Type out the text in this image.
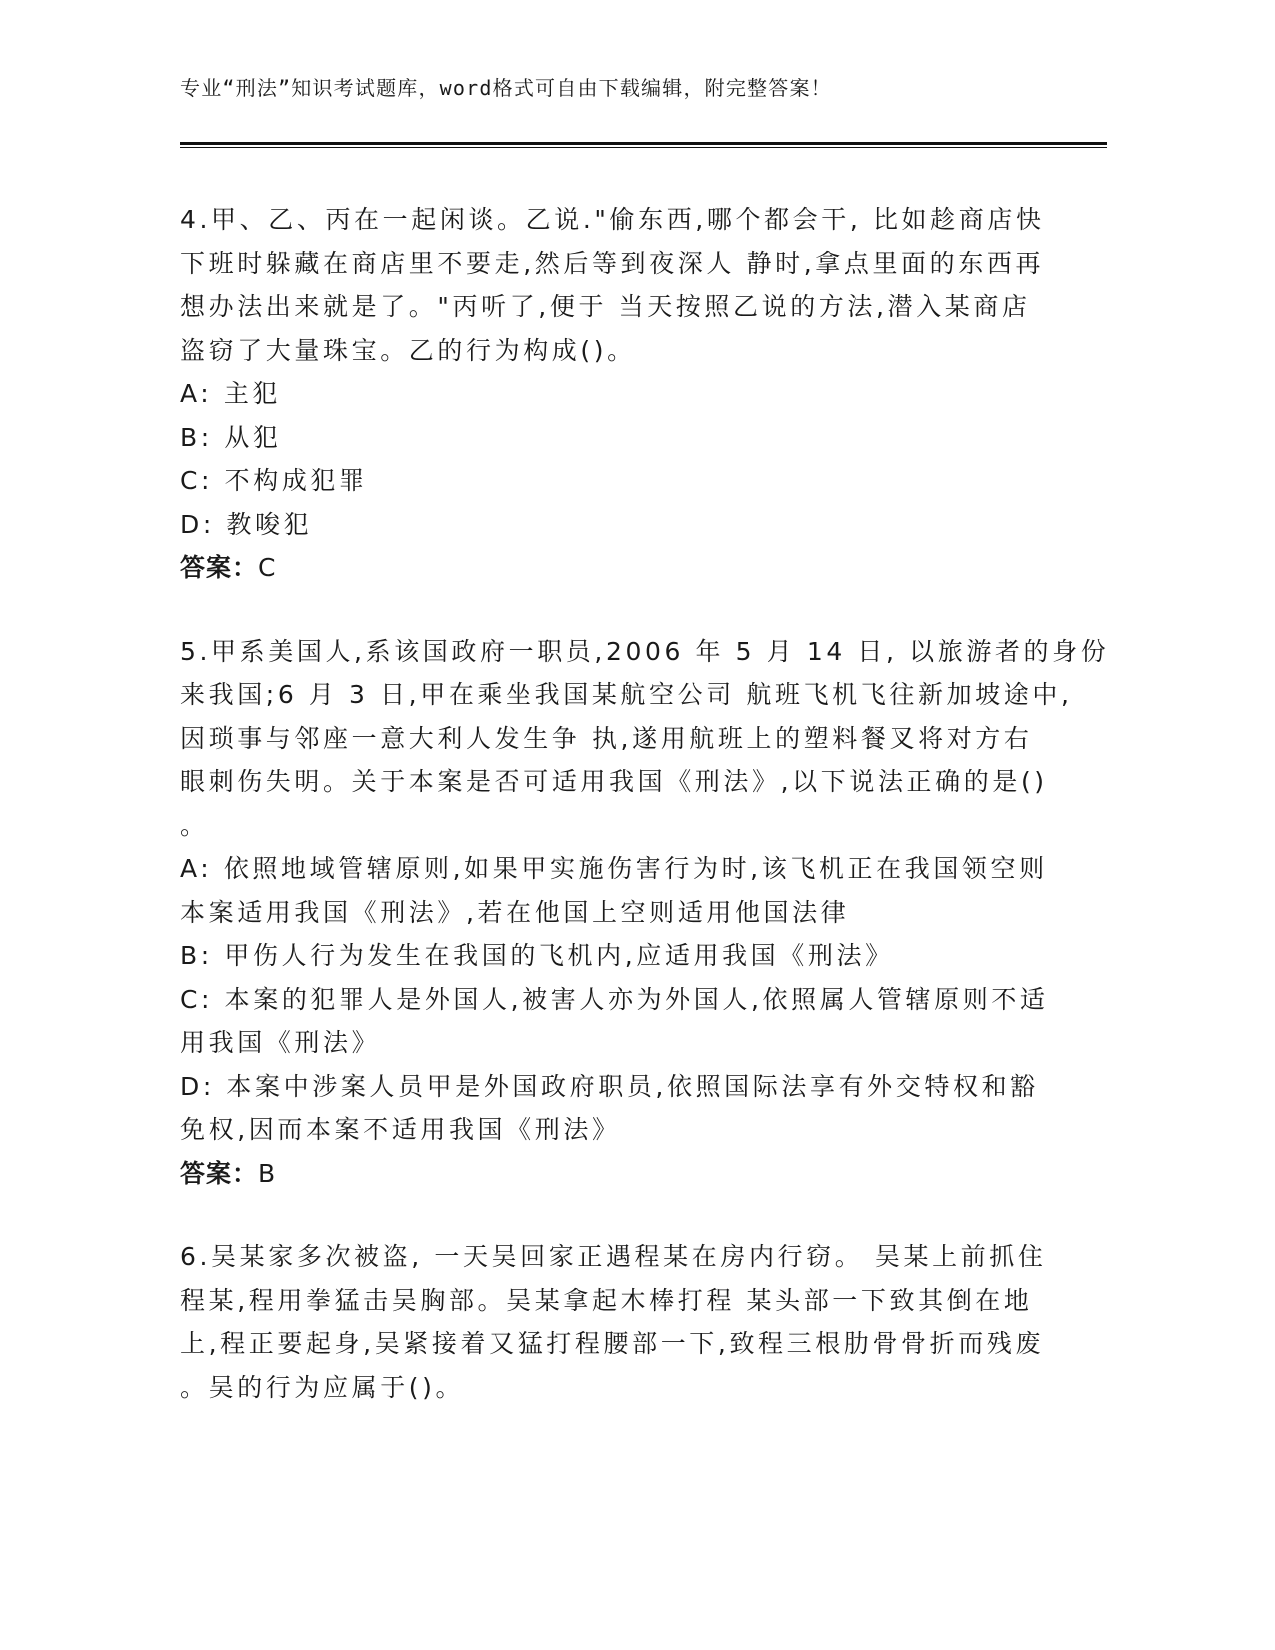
专业“刑法”知识考试题库，word格式可自由下载编辑，附完整答案！
4.甲、乙、丙在一起闲谈。乙说."偷东西,哪个都会干, 比如趁商店快
下班时躲藏在商店里不要走,然后等到夜深人 静时,拿点里面的东西再
想办法出来就是了。"丙听了,便于 当天按照乙说的方法,潜入某商店
盗窃了大量珠宝。乙的行为构成()。
A: 主犯
B: 从犯
C: 不构成犯罪
D: 教唆犯
答案：C
5.甲系美国人,系该国政府一职员,2006 年 5 月 14 日, 以旅游者的身份
来我国;6 月 3 日,甲在乘坐我国某航空公司 航班飞机飞往新加坡途中,
因琐事与邻座一意大利人发生争 执,遂用航班上的塑料餐叉将对方右
眼刺伤失明。关于本案是否可适用我国《刑法》,以下说法正确的是()
。
A: 依照地域管辖原则,如果甲实施伤害行为时,该飞机正在我国领空则
本案适用我国《刑法》,若在他国上空则适用他国法律
B: 甲伤人行为发生在我国的飞机内,应适用我国《刑法》
C: 本案的犯罪人是外国人,被害人亦为外国人,依照属人管辖原则不适
用我国《刑法》
D: 本案中涉案人员甲是外国政府职员,依照国际法享有外交特权和豁
免权,因而本案不适用我国《刑法》
答案：B
6.吴某家多次被盗, 一天吴回家正遇程某在房内行窃。 吴某上前抓住
程某,程用拳猛击吴胸部。吴某拿起木棒打程 某头部一下致其倒在地
上,程正要起身,吴紧接着又猛打程腰部一下,致程三根肋骨骨折而残废
。吴的行为应属于()。
